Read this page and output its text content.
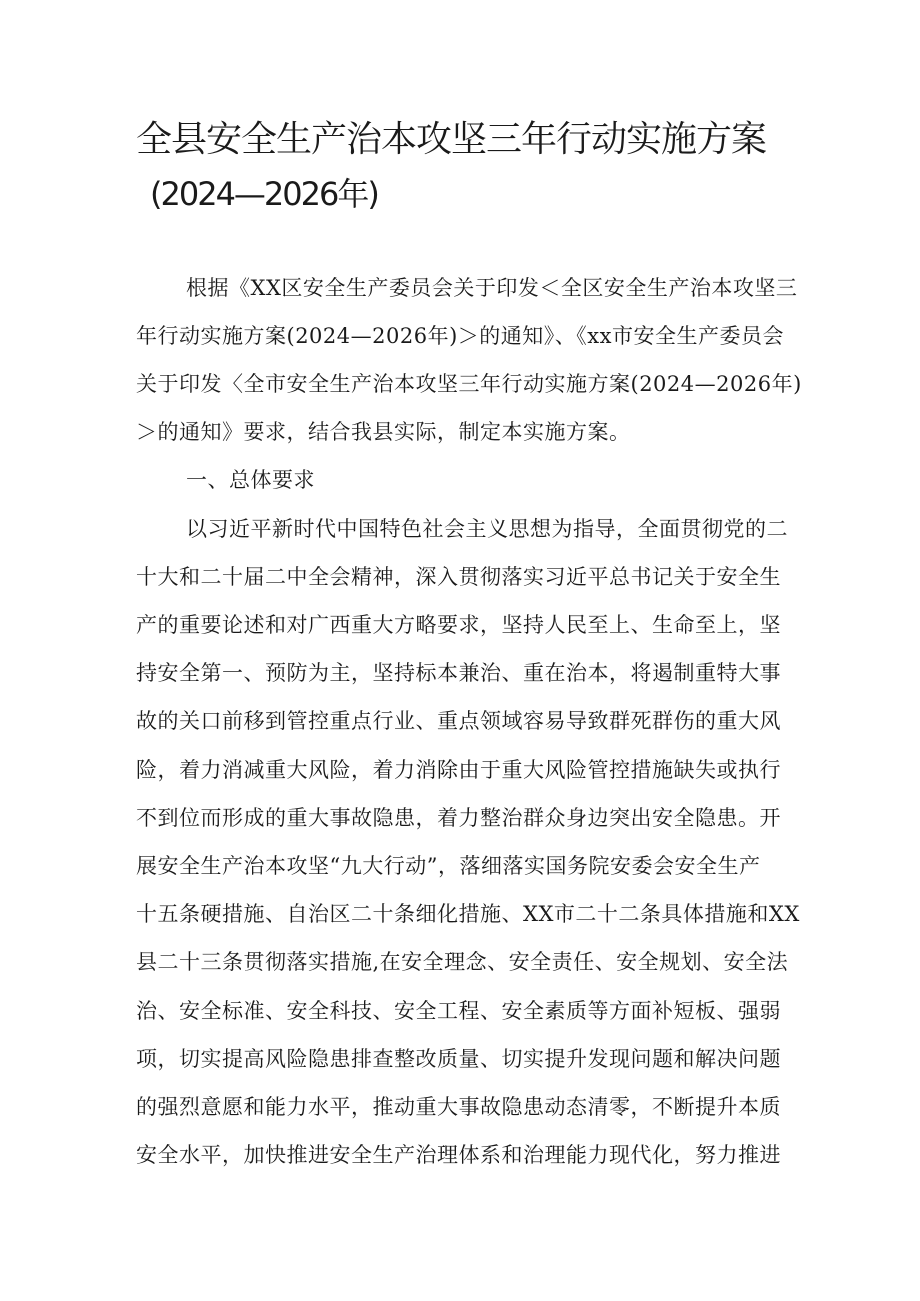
全县安全生产治本攻坚三年行动实施方案
(2024—2026年)

根据《XX区安全生产委员会关于印发＜全区安全生产治本攻坚三

年行动实施方案(2024—2026年)＞的通知》、《xx市安全生产委员会

关于印发〈全市安全生产治本攻坚三年行动实施方案(2024—2026年)

＞的通知》要求，结合我县实际，制定本实施方案。

一、总体要求

以习近平新时代中国特色社会主义思想为指导，全面贯彻党的二

十大和二十届二中全会精神，深入贯彻落实习近平总书记关于安全生

产的重要论述和对广西重大方略要求，坚持人民至上、生命至上，坚

持安全第一、预防为主，坚持标本兼治、重在治本，将遏制重特大事

故的关口前移到管控重点行业、重点领域容易导致群死群伤的重大风

险，着力消减重大风险，着力消除由于重大风险管控措施缺失或执行

不到位而形成的重大事故隐患，着力整治群众身边突出安全隐患。开

展安全生产治本攻坚“九大行动”，落细落实国务院安委会安全生产

十五条硬措施、自治区二十条细化措施、XX市二十二条具体措施和XX

县二十三条贯彻落实措施,在安全理念、安全责任、安全规划、安全法

治、安全标准、安全科技、安全工程、安全素质等方面补短板、强弱

项，切实提高风险隐患排查整改质量、切实提升发现问题和解决问题

的强烈意愿和能力水平，推动重大事故隐患动态清零，不断提升本质

安全水平，加快推进安全生产治理体系和治理能力现代化，努力推进
